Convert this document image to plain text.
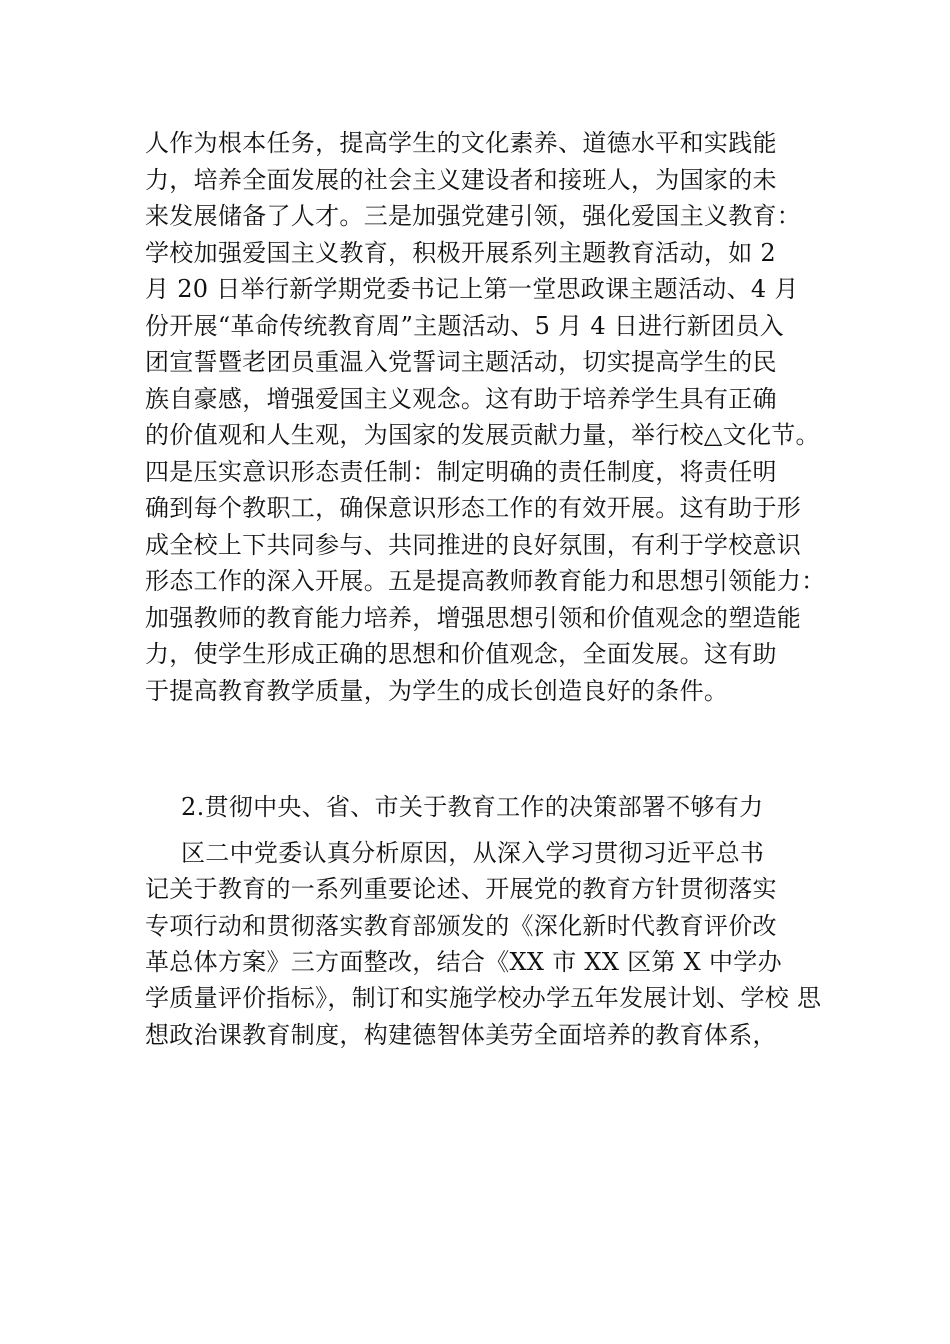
人作为根本任务，提高学生的文化素养、道德水平和实践能
力，培养全面发展的社会主义建设者和接班人，为国家的未
来发展储备了人才。三是加强党建引领，强化爱国主义教育：
学校加强爱国主义教育，积极开展系列主题教育活动，如 2
月 20 日举行新学期党委书记上第一堂思政课主题活动、4 月
份开展“革命传统教育周”主题活动、5 月 4 日进行新团员入
团宣誓暨老团员重温入党誓词主题活动，切实提高学生的民
族自豪感，增强爱国主义观念。这有助于培养学生具有正确
的价值观和人生观，为国家的发展贡献力量，举行校△文化节。
四是压实意识形态责任制：制定明确的责任制度，将责任明
确到每个教职工，确保意识形态工作的有效开展。这有助于形
成全校上下共同参与、共同推进的良好氛围，有利于学校意识
形态工作的深入开展。五是提高教师教育能力和思想引领能力：
加强教师的教育能力培养，增强思想引领和价值观念的塑造能
力，使学生形成正确的思想和价值观念，全面发展。这有助
于提高教育教学质量，为学生的成长创造良好的条件。
2.贯彻中央、省、市关于教育工作的决策部署不够有力
区二中党委认真分析原因，从深入学习贯彻习近平总书
记关于教育的一系列重要论述、开展党的教育方针贯彻落实
专项行动和贯彻落实教育部颁发的《深化新时代教育评价改
革总体方案》三方面整改，结合《XX 市 XX 区第 X 中学办
学质量评价指标》，制订和实施学校办学五年发展计划、学校 思
想政治课教育制度，构建德智体美劳全面培养的教育体系，
